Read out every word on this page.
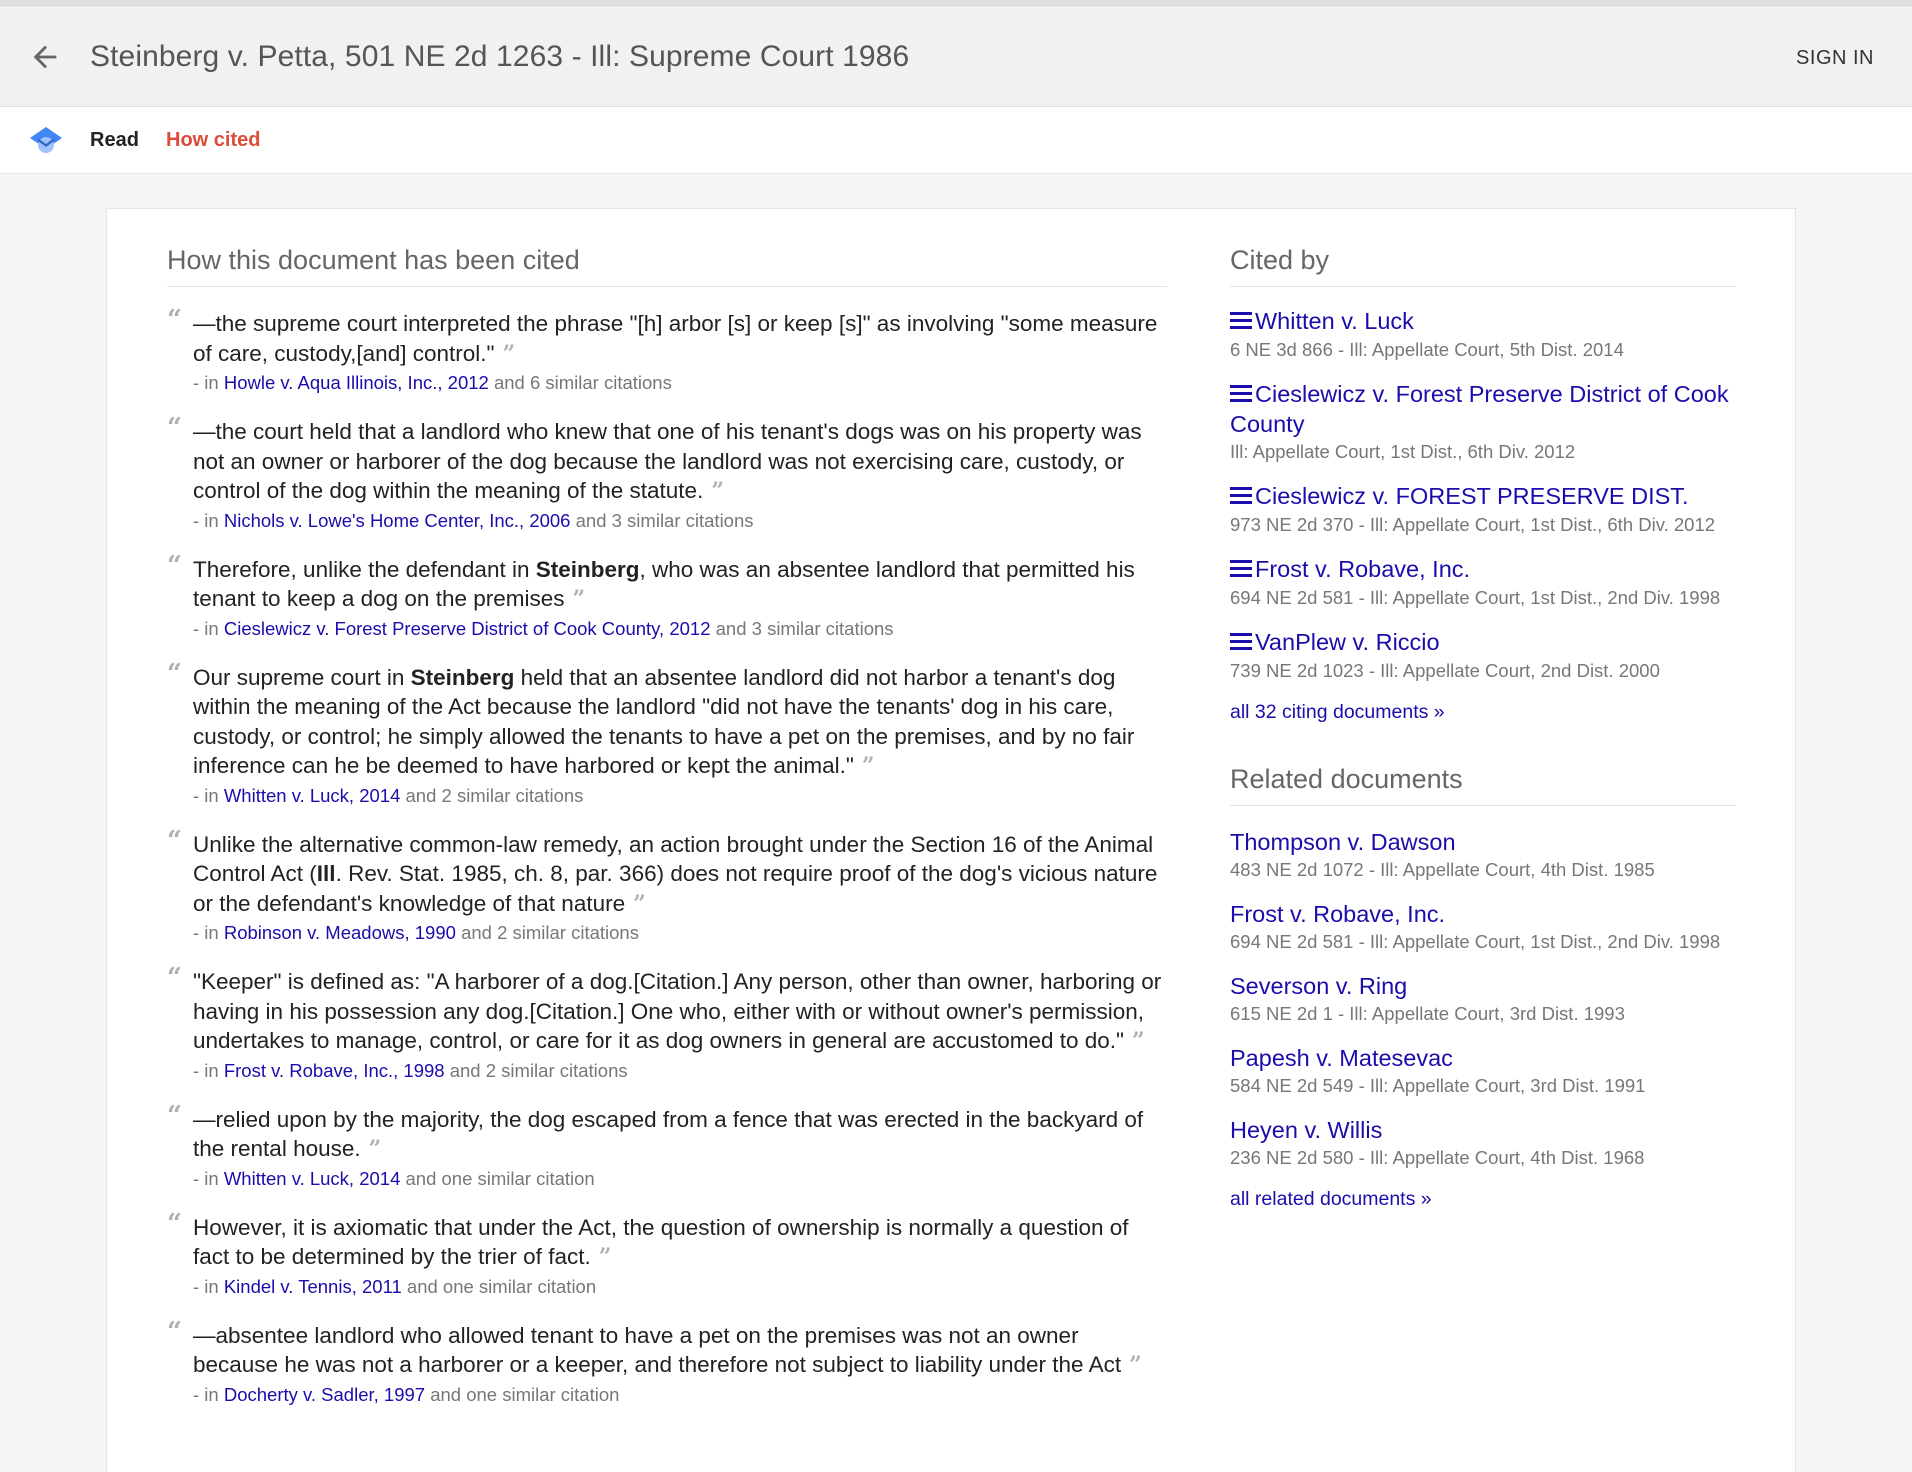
Steinberg v. Petta, 501 NE 2d 1263 - Ill: Supreme Court 1986	SIGN IN
Read How cited
How this document has been cited
“ —the supreme court interpreted the phrase "[h] arbor [s] or keep [s]" as involving "some measure of care, custody,[and] control." ”
- in Howle v. Aqua Illinois, Inc., 2012 and 6 similar citations
“ —the court held that a landlord who knew that one of his tenant's dogs was on his property was not an owner or harborer of the dog because the landlord was not exercising care, custody, or control of the dog within the meaning of the statute. ”
- in Nichols v. Lowe's Home Center, Inc., 2006 and 3 similar citations
“ Therefore, unlike the defendant in Steinberg, who was an absentee landlord that permitted his tenant to keep a dog on the premises ”
- in Cieslewicz v. Forest Preserve District of Cook County, 2012 and 3 similar citations
“ Our supreme court in Steinberg held that an absentee landlord did not harbor a tenant's dog within the meaning of the Act because the landlord "did not have the tenants' dog in his care, custody, or control; he simply allowed the tenants to have a pet on the premises, and by no fair inference can he be deemed to have harbored or kept the animal." ”
- in Whitten v. Luck, 2014 and 2 similar citations
“ Unlike the alternative common-law remedy, an action brought under the Section 16 of the Animal Control Act (Ill. Rev. Stat. 1985, ch. 8, par. 366) does not require proof of the dog's vicious nature or the defendant's knowledge of that nature ”
- in Robinson v. Meadows, 1990 and 2 similar citations
“ "Keeper" is defined as: "A harborer of a dog.[Citation.] Any person, other than owner, harboring or having in his possession any dog.[Citation.] One who, either with or without owner's permission, undertakes to manage, control, or care for it as dog owners in general are accustomed to do." ”
- in Frost v. Robave, Inc., 1998 and 2 similar citations
“ —relied upon by the majority, the dog escaped from a fence that was erected in the backyard of the rental house. ”
- in Whitten v. Luck, 2014 and one similar citation
“ However, it is axiomatic that under the Act, the question of ownership is normally a question of fact to be determined by the trier of fact. ”
- in Kindel v. Tennis, 2011 and one similar citation
“ —absentee landlord who allowed tenant to have a pet on the premises was not an owner because he was not a harborer or a keeper, and therefore not subject to liability under the Act ”
- in Docherty v. Sadler, 1997 and one similar citation
Cited by
Whitten v. Luck
6 NE 3d 866 - Ill: Appellate Court, 5th Dist. 2014
Cieslewicz v. Forest Preserve District of Cook County
Ill: Appellate Court, 1st Dist., 6th Div. 2012
Cieslewicz v. FOREST PRESERVE DIST.
973 NE 2d 370 - Ill: Appellate Court, 1st Dist., 6th Div. 2012
Frost v. Robave, Inc.
694 NE 2d 581 - Ill: Appellate Court, 1st Dist., 2nd Div. 1998
VanPlew v. Riccio
739 NE 2d 1023 - Ill: Appellate Court, 2nd Dist. 2000
all 32 citing documents »
Related documents
Thompson v. Dawson
483 NE 2d 1072 - Ill: Appellate Court, 4th Dist. 1985
Frost v. Robave, Inc.
694 NE 2d 581 - Ill: Appellate Court, 1st Dist., 2nd Div. 1998
Severson v. Ring
615 NE 2d 1 - Ill: Appellate Court, 3rd Dist. 1993
Papesh v. Matesevac
584 NE 2d 549 - Ill: Appellate Court, 3rd Dist. 1991
Heyen v. Willis
236 NE 2d 580 - Ill: Appellate Court, 4th Dist. 1968
all related documents »
